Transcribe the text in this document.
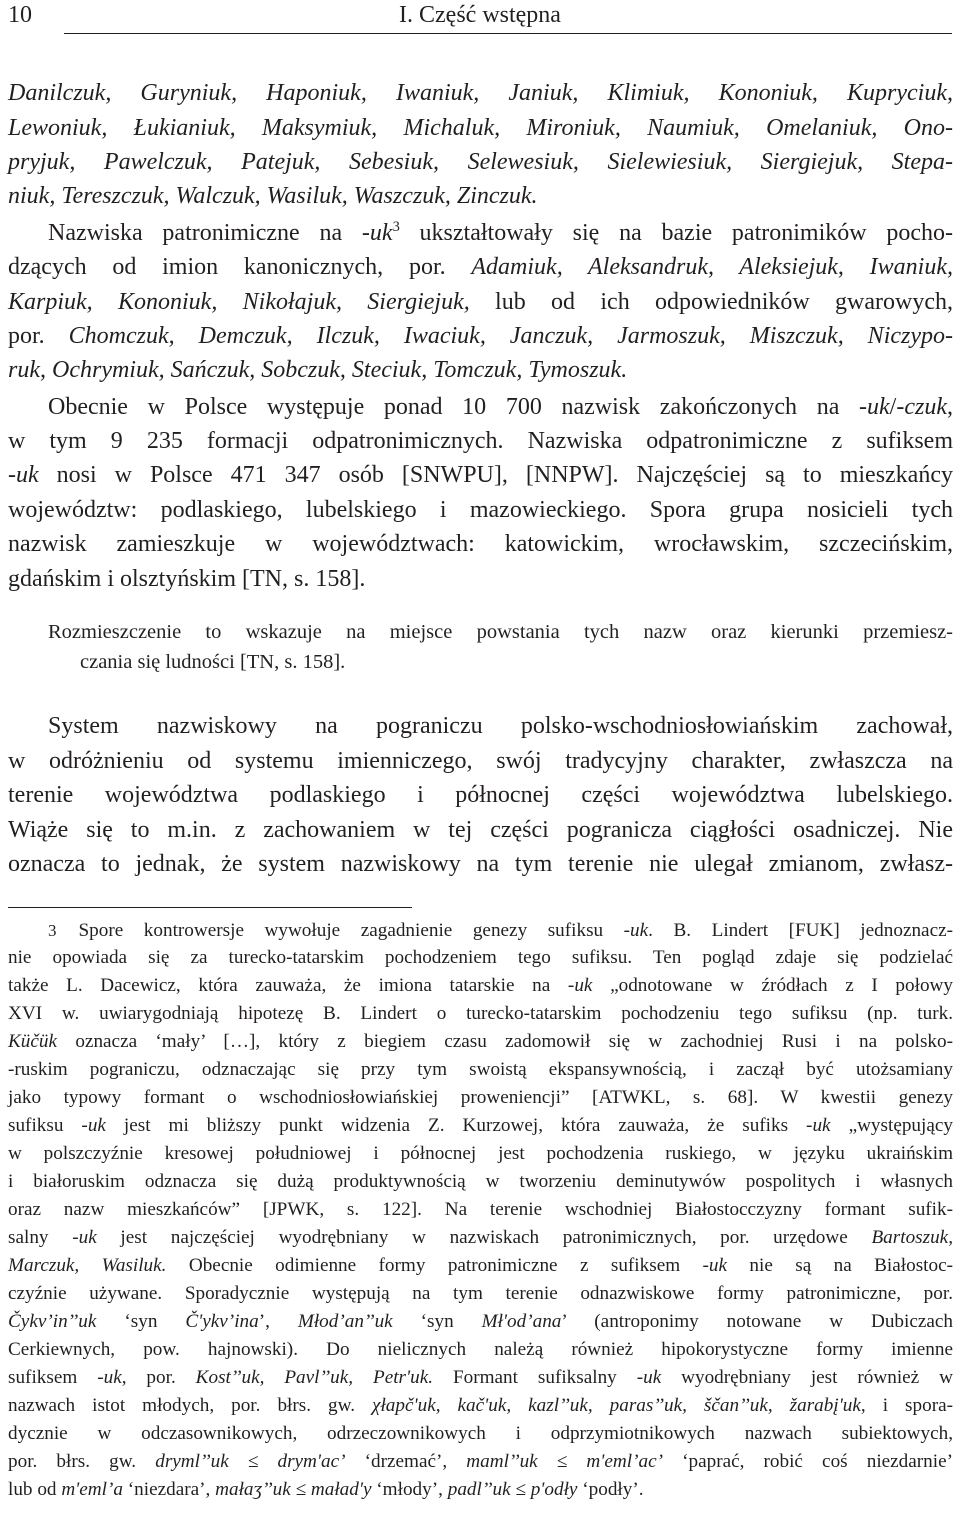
10	I. Część wstępna
Danilczuk, Guryniuk, Haponiuk, Iwaniuk, Janiuk, Klimiuk, Kononiuk, Kupryciuk,
Lewoniuk, Łukianiuk, Maksymiuk, Michaluk, Mironiuk, Naumiuk, Omelaniuk, Ono-
pryjuk, Pawelczuk, Patejuk, Sebesiuk, Selewesiuk, Sielewiesiuk, Siergiejuk, Stepa-
niuk, Tereszczuk, Walczuk, Wasiluk, Waszczuk, Zinczuk.
Nazwiska patronimiczne na $-uk^3$ ukształtowały się na bazie patronimików pocho-
dzących od imion kanonicznych, por. Adamiuk, Aleksandruk, Aleksiejuk, Iwaniuk,
Karpiuk, Kononiuk, Nikołajuk, Siergiejuk, lub od ich odpowiedników gwarowych,
por. Chomczuk, Demczuk, Ilczuk, Iwaciuk, Janczuk, Jarmoszuk, Miszczuk, Niczypo-
ruk, Ochrymiuk, Sańczuk, Sobczuk, Steciuk, Tomczuk, Tymoszuk.
Obecnie w Polsce występuje ponad 10 700 nazwisk zakończonych na -uk/-czuk,
w tym 9 235 formacji odpatronimicznych. Nazwiska odpatronimiczne z sufiksem
-uk nosi w Polsce 471 347 osób [SNWPU], [NNPW]. Najczęściej są to mieszkańcy
województw: podlaskiego, lubelskiego i mazowieckiego. Spora grupa nosicieli tych
nazwisk zamieszkuje w województwach: katowickim, wrocławskim, szczecińskim,
gdańskim i olsztyńskim [TN, s. 158].
Rozmieszczenie to wskazuje na miejsce powstania tych nazw oraz kierunki przemiesz-
czania się ludności [TN, s. 158].
System nazwiskowy na pograniczu polsko-wschodniosłowiańskim zachował,
w odróżnieniu od systemu imienniczego, swój tradycyjny charakter, zwłaszcza na
terenie województwa podlaskiego i północnej części województwa lubelskiego.
Wiąże się to m.in. z zachowaniem w tej części pogranicza ciągłości osadniczej. Nie
oznacza to jednak, że system nazwiskowy na tym terenie nie ulegał zmianom, zwłasz-
3 Spore kontrowersje wywołuje zagadnienie genezy sufiksu -uk. B. Lindert [FUK] jednoznacz-
nie opowiada się za turecko-tatarskim pochodzeniem tego sufiksu. Ten pogląd zdaje się podzielać
także L. Dacewicz, która zauważa, że imiona tatarskie na -uk „odnotowane w źródłach z I połowy
XVI w. uwiarygodniają hipotezę B. Lindert o turecko-tatarskim pochodzeniu tego sufiksu (np. turk.
Küčük oznacza ‘mały’ […], który z biegiem czasu zadomowił się w zachodniej Rusi i na polsko-
-ruskim pograniczu, odznaczając się przy tym swoistą ekspansywnością, i zaczął być utożsamiany
jako typowy formant o wschodniosłowiańskiej proweniencji” [ATWKL, s. 68]. W kwestii genezy
sufiksu -uk jest mi bliższy punkt widzenia Z. Kurzowej, która zauważa, że sufiks -uk „występujący
w polszczyźnie kresowej południowej i północnej jest pochodzenia ruskiego, w języku ukraińskim
i białoruskim odznacza się dużą produktywnością w tworzeniu deminutywów pospolitych i własnych
oraz nazw mieszkańców” [JPWK, s. 122]. Na terenie wschodniej Białostocczyzny formant sufik-
salny -uk jest najczęściej wyodrębniany w nazwiskach patronimicznych, por. urzędowe Bartoszuk,
Marczuk, Wasiluk. Obecnie odimienne formy patronimiczne z sufiksem -uk nie są na Białostoc-
czyźnie używane. Sporadycznie występują na tym terenie odnazwiskowe formy patronimiczne, por.
Čykv’in’’uk ‘syn Č'ykv’ina’, Młod’an’’uk ‘syn Mł'od’ana’ (antroponimy notowane w Dubiczach
Cerkiewnych, pow. hajnowski). Do nielicznych należą również hipokorystyczne formy imienne
sufiksem -uk, por. Kost’’uk, Pavl’’uk, Petr'uk. Formant sufiksalny -uk wyodrębniany jest również w
nazwach istot młodych, por. błrs. gw. χłapč'uk, kač'uk, kazl’’uk, paras’’uk, ščan’’uk, žarabį'uk, i sporа-
dycznie w odczasownikowych, odrzeczownikowych i odprzymiotnikowych nazwach subiektowych,
por. błrs. gw. dryml’’uk ≤ drym'ac’ ‘drzemać’, maml’’uk ≤ m'eml’ac’ ‘paprać, robić coś niezdarnie’
lub od m'eml’a ‘niezdara’, małaʒ’’uk ≤ maład'y ‘młody’, padl’’uk ≤ p'odły ‘podły’.
